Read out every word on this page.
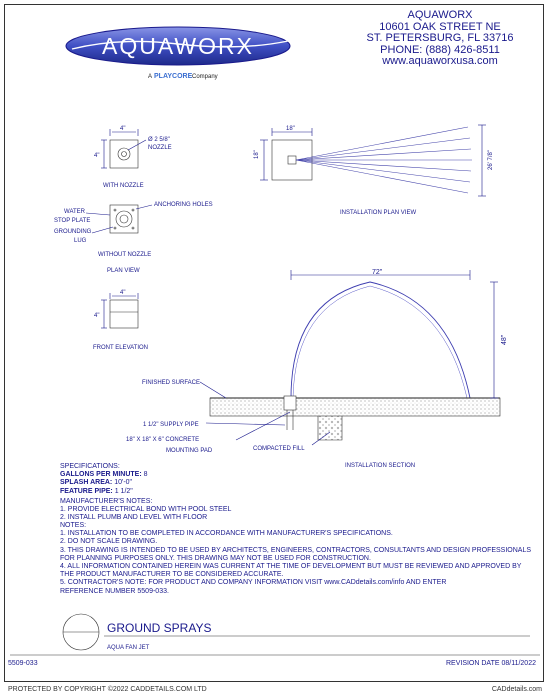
AQUAWORX
A PLAYCORE Company
AQUAWORX
10601 OAK STREET NE
ST. PETERSBURG, FL 33716
PHONE: (888) 426-8511
www.aquaworxusa.com
4"
4"
Ø 2 5/8"
NOZZLE
WITH NOZZLE
WATER
STOP PLATE
GROUNDING
LUG
ANCHORING HOLES
WITHOUT NOZZLE
PLAN VIEW
4"
4"
FRONT ELEVATION
18"
18"	26' 7/8"
INSTALLATION PLAN VIEW
72"
48"
FINISHED SURFACE
1 1/2" SUPPLY PIPE
18" X 18" X 6" CONCRETE
MOUNTING PAD	COMPACTED FILL
INSTALLATION SECTION
GROUND SPRAYS
AQUA FAN JET
SPECIFICATIONS:
GALLONS PER MINUTE: 8
SPLASH AREA: 10'-0"
FEATURE PIPE: 1 1/2"
MANUFACTURER'S NOTES:
1. PROVIDE ELECTRICAL BOND WITH POOL STEEL
2. INSTALL PLUMB AND LEVEL WITH FLOOR
NOTES:
1. INSTALLATION TO BE COMPLETED IN ACCORDANCE WITH MANUFACTURER'S SPECIFICATIONS.
2. DO NOT SCALE DRAWING.
3. THIS DRAWING IS INTENDED TO BE USED BY ARCHITECTS, ENGINEERS, CONTRACTORS, CONSULTANTS AND DESIGN PROFESSIONALS
FOR PLANNING PURPOSES ONLY. THIS DRAWING MAY NOT BE USED FOR CONSTRUCTION.
4. ALL INFORMATION CONTAINED HEREIN WAS CURRENT AT THE TIME OF DEVELOPMENT BUT MUST BE REVIEWED AND APPROVED BY
THE PRODUCT MANUFACTURER TO BE CONSIDERED ACCURATE.
5. CONTRACTOR'S NOTE: FOR PRODUCT AND COMPANY INFORMATION VISIT www.CADdetails.com/info AND ENTER
REFERENCE NUMBER 5509-033.
5509-033	REVISION DATE 08/11/2022
PROTECTED BY COPYRIGHT ©2022 CADDETAILS.COM LTD	CADdetails.com
